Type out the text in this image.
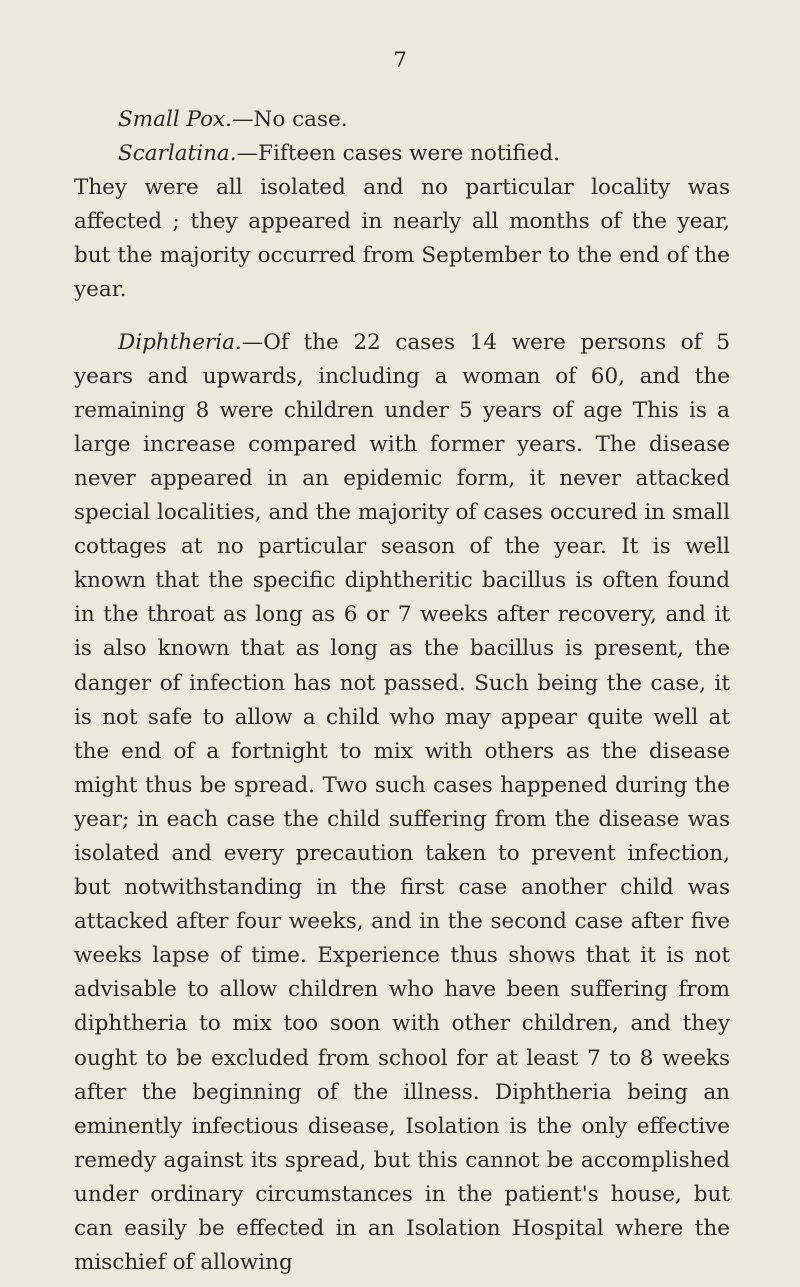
7

Small Pox.—No case.

Scarlatina.—Fifteen cases were notified.

They were all isolated and no particular locality was affected ; they appeared in nearly all months of the year, but the majority occurred from September to the end of the year.

Diphtheria.—Of the 22 cases 14 were persons of 5 years and upwards, including a woman of 60, and the remaining 8 were children under 5 years of age This is a large increase compared with former years. The disease never appeared in an epidemic form, it never attacked special localities, and the majority of cases occured in small cottages at no particular season of the year. It is well known that the specific diphtheritic bacillus is often found in the throat as long as 6 or 7 weeks after recovery, and it is also known that as long as the bacillus is present, the danger of infection has not passed. Such being the case, it is not safe to allow a child who may appear quite well at the end of a fortnight to mix with others as the disease might thus be spread. Two such cases happened during the year; in each case the child suffering from the disease was isolated and every precaution taken to prevent infection, but notwithstanding in the first case another child was attacked after four weeks, and in the second case after five weeks lapse of time. Experience thus shows that it is not advisable to allow children who have been suffering from diphtheria to mix too soon with other children, and they ought to be excluded from school for at least 7 to 8 weeks after the beginning of the illness. Diphtheria being an eminently infectious disease, Isolation is the only effective remedy against its spread, but this cannot be accomplished under ordinary circumstances in the patient's house, but can easily be effected in an Isolation Hospital where the mischief of allowing
